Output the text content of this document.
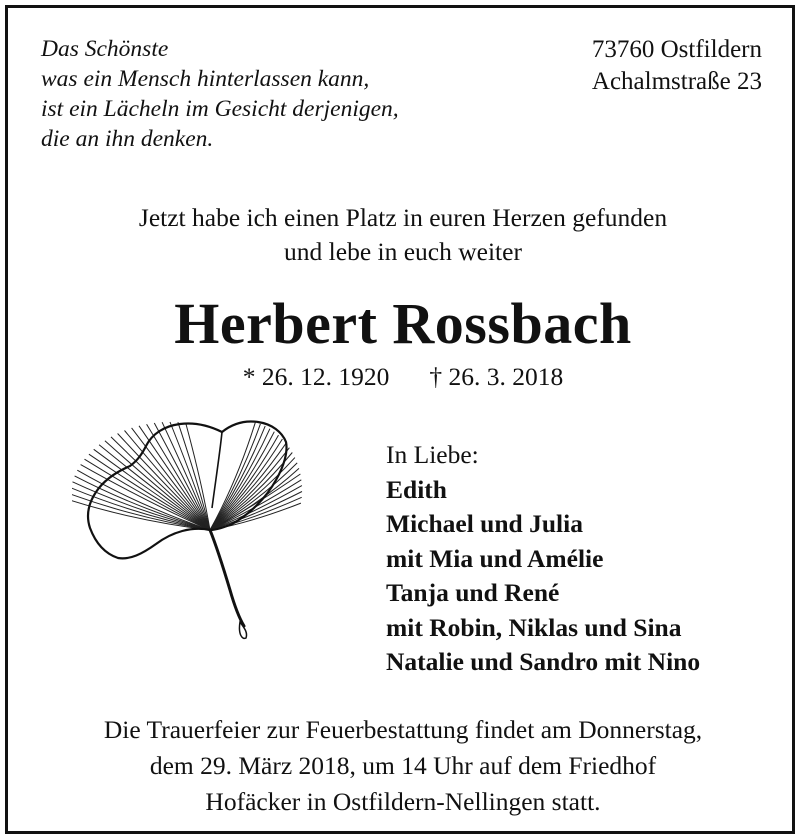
Das Schönste
was ein Mensch hinterlassen kann,
ist ein Lächeln im Gesicht derjenigen,
die an ihn denken.
73760 Ostfildern
Achalmstraße 23
Jetzt habe ich einen Platz in euren Herzen gefunden
und lebe in euch weiter
Herbert Rossbach
* 26. 12. 1920 † 26. 3. 2018
In Liebe:
Edith
Michael und Julia
mit Mia und Amélie
Tanja und René
mit Robin, Niklas und Sina
Natalie und Sandro mit Nino
Die Trauerfeier zur Feuerbestattung findet am Donnerstag,
dem 29. März 2018, um 14 Uhr auf dem Friedhof
Hofäcker in Ostfildern-Nellingen statt.
